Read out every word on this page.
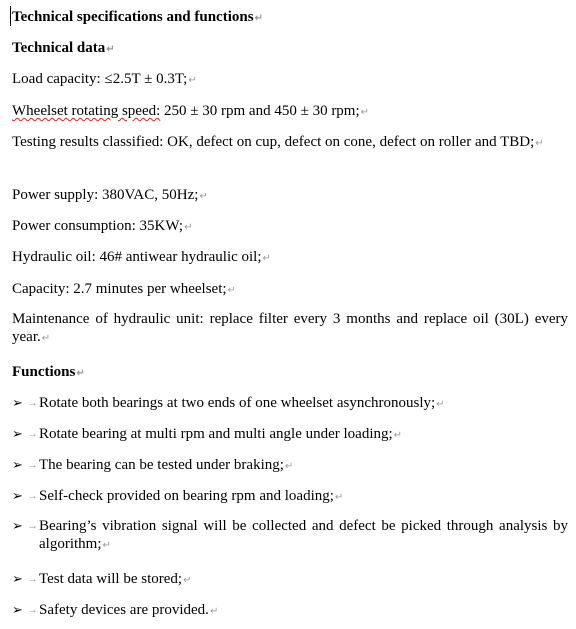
Technical specifications and functions↵
Technical data↵
Load capacity: ≤2.5T ± 0.3T;↵
Wheelset rotating speed: 250 ± 30 rpm and 450 ± 30 rpm;↵
Testing results classified: OK, defect on cup, defect on cone, defect on roller and TBD;↵
Power supply: 380VAC, 50Hz;↵
Power consumption: 35KW;↵
Hydraulic oil: 46# antiwear hydraulic oil;↵
Capacity: 2.7 minutes per wheelset;↵
Maintenance of hydraulic unit: replace filter every 3 months and replace oil (30L) every year.↵
Functions↵
➢ → Rotate both bearings at two ends of one wheelset asynchronously;↵
➢ → Rotate bearing at multi rpm and multi angle under loading;↵
➢ → The bearing can be tested under braking;↵
➢ → Self-check provided on bearing rpm and loading;↵
➢ → Bearing’s vibration signal will be collected and defect be picked through analysis by algorithm;↵
➢ → Test data will be stored;↵
➢ → Safety devices are provided.↵
